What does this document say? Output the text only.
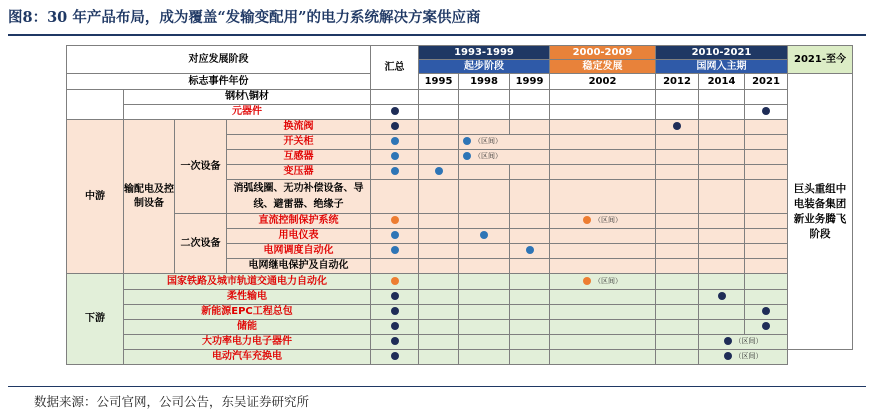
图8：30 年产品布局，成为覆盖“发输变配用”的电力系统解决方案供应商
对应发展阶段				汇总	1993-1999			2000-2009	2010-2021			2021-至今
					起步阶段			稳定发展	国网入主期			
标志事件年份					1995	1998	1999	2002	2012	2014	2021	巨头重组中电装备集团新业务腾飞阶段
	钢材\铜材											
	元器件											
中游	输配电及控制设备	一次设备	换流阀									
			开关柜			（区间）						
			互感器			（区间）						
			变压器									
			消弧线圈、无功补偿设备、导线、避雷器、绝缘子									
		二次设备	直流控制保护系统					（区间）				
			用电仪表									
			电网调度自动化									
			电网继电保护及自动化									
下游	国家铁路及城市轨道交通电力自动化							（区间）				
	柔性输电											
	新能源EPC工程总包											
	储能											
	大功率电力电子器件									（区间）		
	电动汽车充换电									（区间）		
数据来源：公司官网，公司公告，东吴证券研究所
